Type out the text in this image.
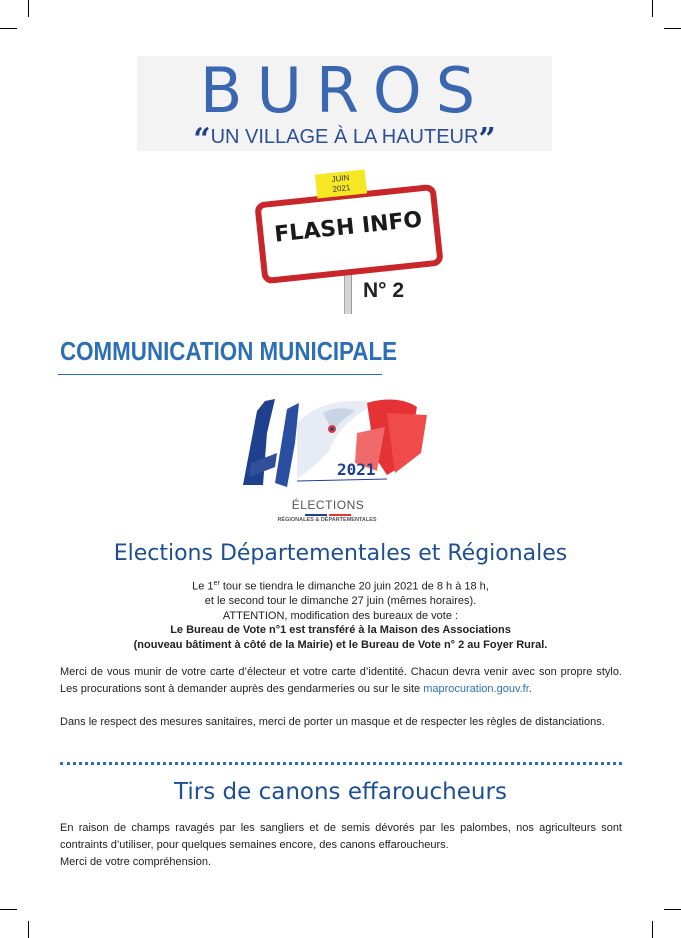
BUROS
“UN VILLAGE À LA HAUTEUR”
FLASH INFO
JUIN
2021
N° 2
COMMUNICATION MUNICIPALE
2021
ÉLECTIONS
RÉGIONALES & DÉPARTEMENTALES
Elections Départementales et Régionales
Le 1er tour se tiendra le dimanche 20 juin 2021 de 8 h à 18 h,
et le second tour le dimanche 27 juin (mêmes horaires).
ATTENTION, modification des bureaux de vote :
Le Bureau de Vote n°1 est transféré à la Maison des Associations
(nouveau bâtiment à côté de la Mairie) et le Bureau de Vote n° 2 au Foyer Rural.
Merci de vous munir de votre carte d’électeur et votre carte d’identité. Chacun devra venir avec son propre stylo. Les procurations sont à demander auprès des gendarmeries ou sur le site maprocuration.gouv.fr.
Dans le respect des mesures sanitaires, merci de porter un masque et de respecter les règles de distanciations.
Tirs de canons effaroucheurs
En raison de champs ravagés par les sangliers et de semis dévorés par les palombes, nos agriculteurs sont contraints d’utiliser, pour quelques semaines encore, des canons effaroucheurs.
Merci de votre compréhension.
